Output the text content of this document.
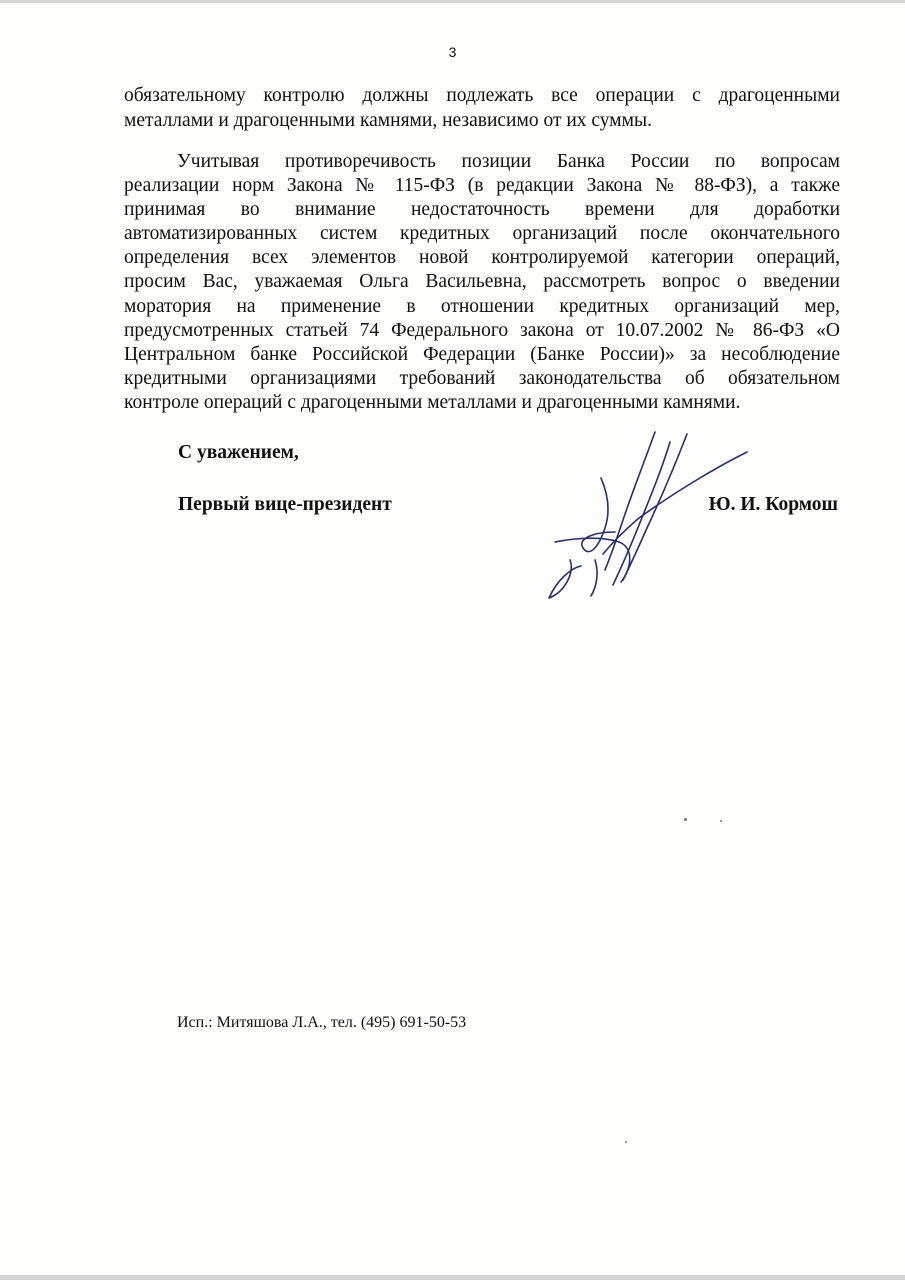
3
обязательному контролю должны подлежать все операции с драгоценными
металлами и драгоценными камнями, независимо от их суммы.
Учитывая противоречивость позиции Банка России по вопросам
реализации норм Закона № 115-ФЗ (в редакции Закона № 88-ФЗ), а также
принимая во внимание недостаточность времени для доработки
автоматизированных систем кредитных организаций после окончательного
определения всех элементов новой контролируемой категории операций,
просим Вас, уважаемая Ольга Васильевна, рассмотреть вопрос о введении
моратория на применение в отношении кредитных организаций мер,
предусмотренных статьей 74 Федерального закона от 10.07.2002 № 86-ФЗ «О
Центральном банке Российской Федерации (Банке России)» за несоблюдение
кредитными организациями требований законодательства об обязательном
контроле операций с драгоценными металлами и драгоценными камнями.
С уважением,
Первый вице-президент	Ю. И. Кормош
Исп.: Митяшова Л.А., тел. (495) 691-50-53
